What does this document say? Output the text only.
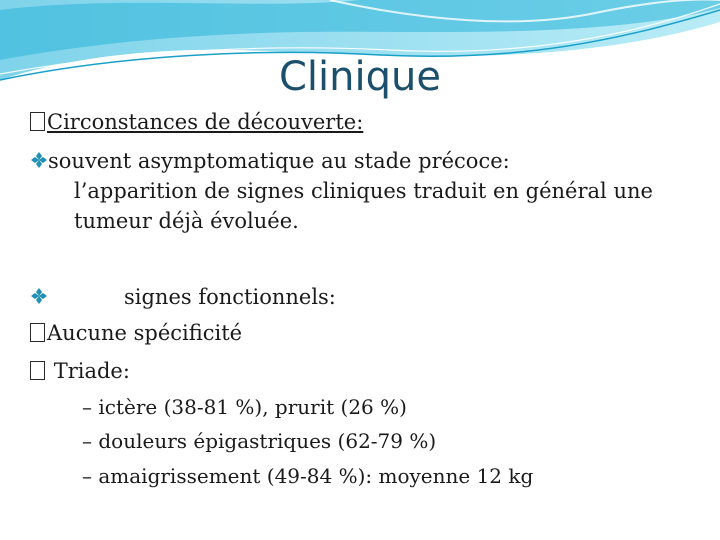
Clinique
Circonstances de découverte:
souvent asymptomatique au stade précoce:
l’apparition de signes cliniques traduit en général une
tumeur déjà évoluée.
signes fonctionnels:
Aucune spécificité
Triade:
– ictère (38-81 %), prurit (26 %)
– douleurs épigastriques (62-79 %)
– amaigrissement (49-84 %): moyenne 12 kg
